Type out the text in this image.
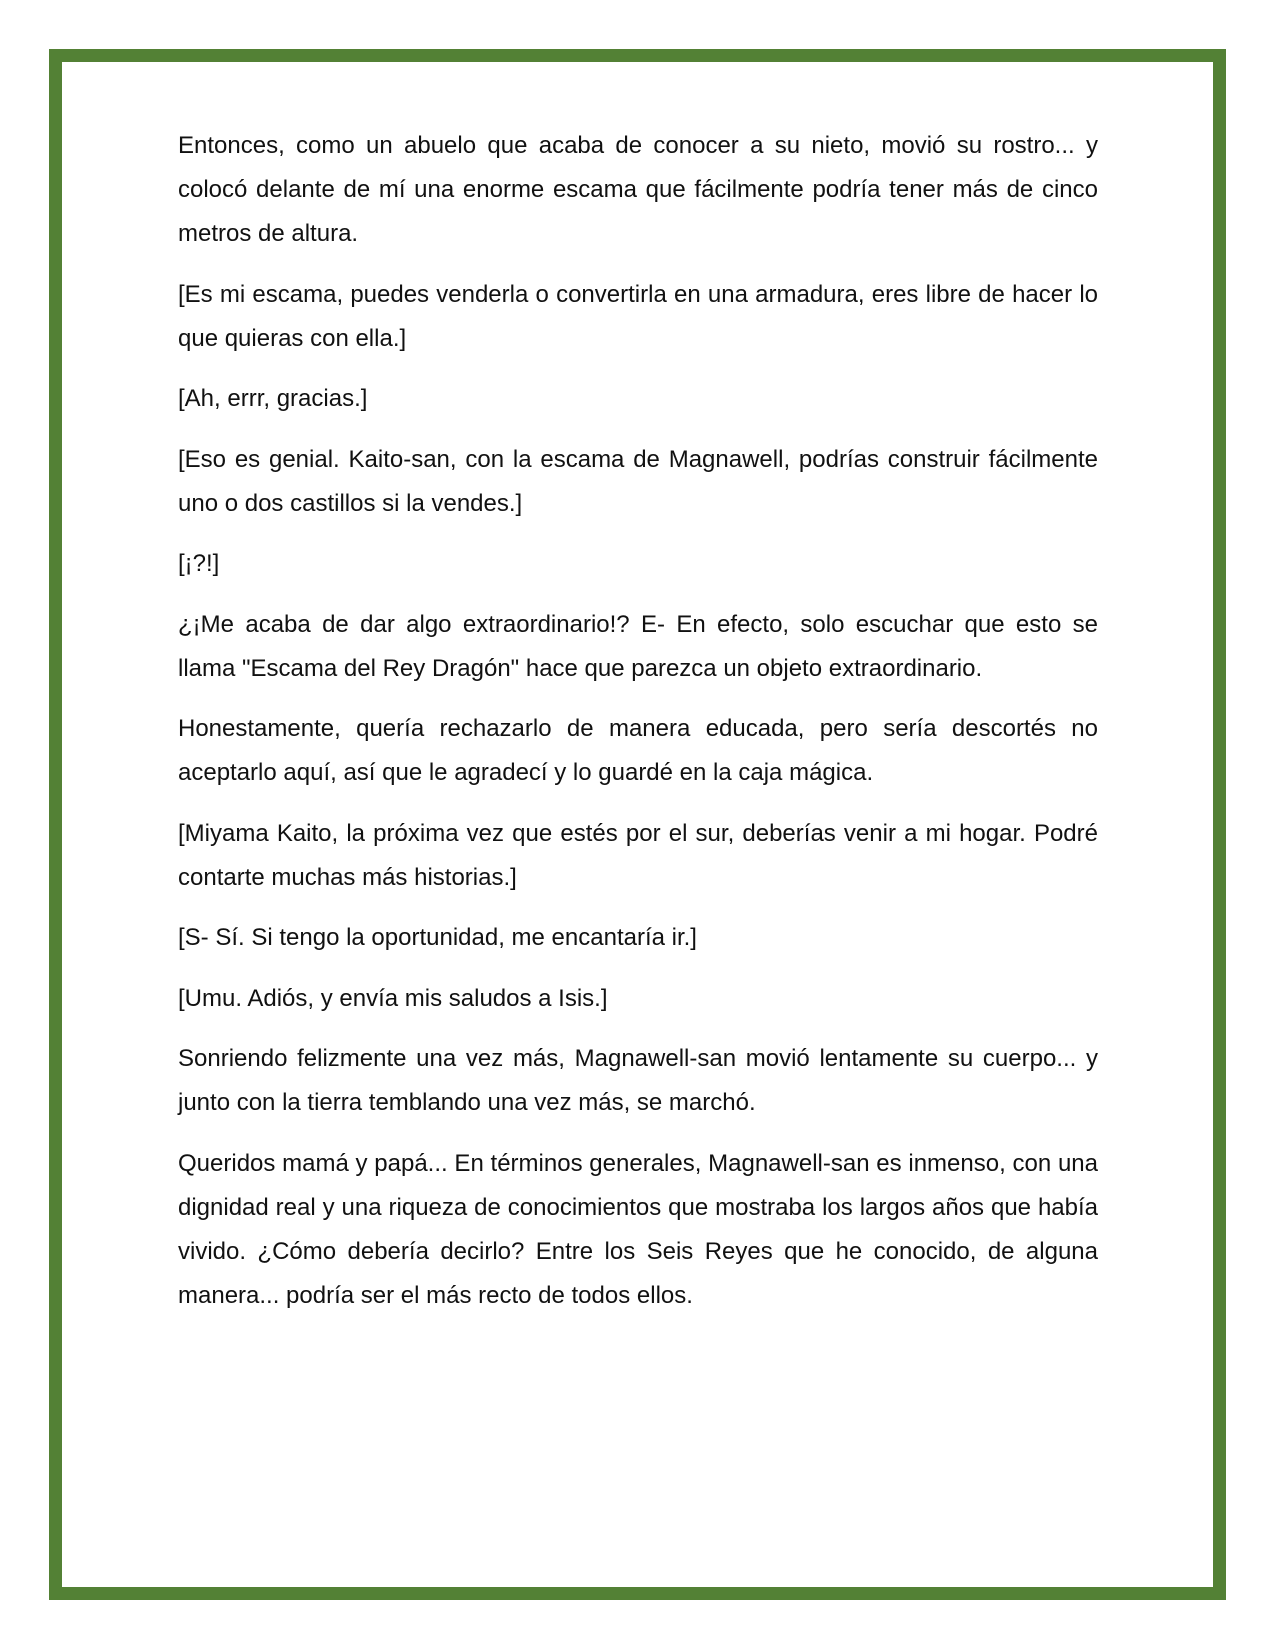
Entonces, como un abuelo que acaba de conocer a su nieto, movió su rostro... y colocó delante de mí una enorme escama que fácilmente podría tener más de cinco metros de altura.

[Es mi escama, puedes venderla o convertirla en una armadura, eres libre de hacer lo que quieras con ella.]

[Ah, errr, gracias.]

[Eso es genial. Kaito-san, con la escama de Magnawell, podrías construir fácilmente uno o dos castillos si la vendes.]

[¡?!]

¿¡Me acaba de dar algo extraordinario!? E- En efecto, solo escuchar que esto se llama "Escama del Rey Dragón" hace que parezca un objeto extraordinario.

Honestamente, quería rechazarlo de manera educada, pero sería descortés no aceptarlo aquí, así que le agradecí y lo guardé en la caja mágica.

[Miyama Kaito, la próxima vez que estés por el sur, deberías venir a mi hogar. Podré contarte muchas más historias.]

[S- Sí. Si tengo la oportunidad, me encantaría ir.]

[Umu. Adiós, y envía mis saludos a Isis.]

Sonriendo felizmente una vez más, Magnawell-san movió lentamente su cuerpo... y junto con la tierra temblando una vez más, se marchó.

Queridos mamá y papá... En términos generales, Magnawell-san es inmenso, con una dignidad real y una riqueza de conocimientos que mostraba los largos años que había vivido. ¿Cómo debería decirlo? Entre los Seis Reyes que he conocido, de alguna manera... podría ser el más recto de todos ellos.
